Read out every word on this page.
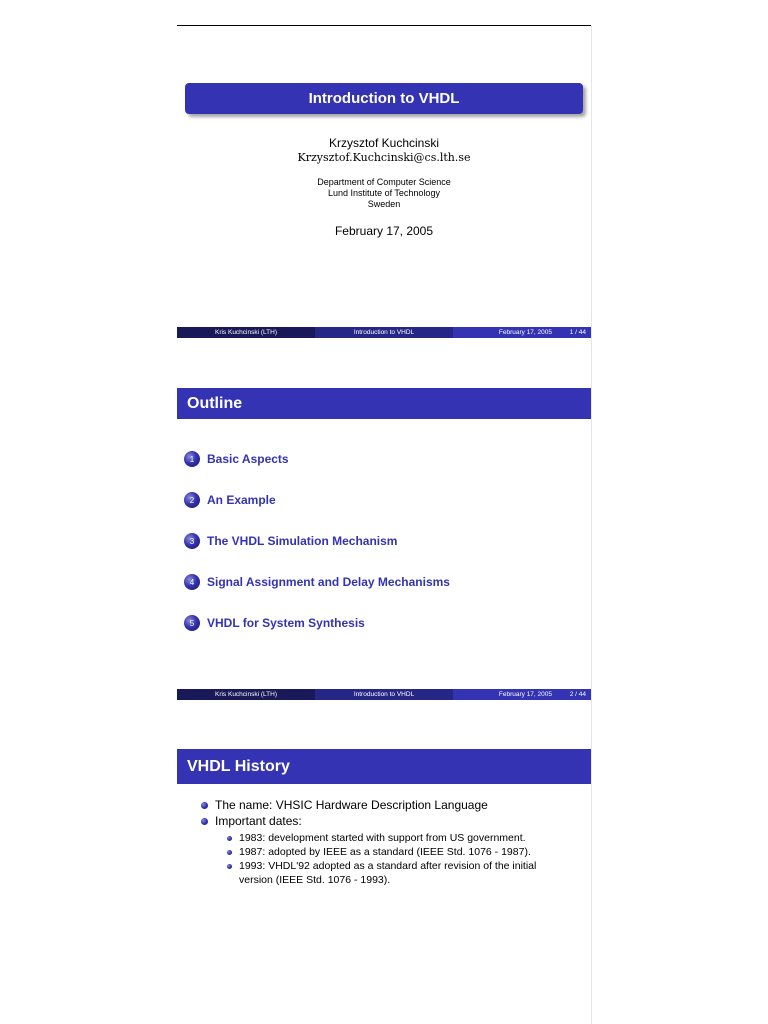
Introduction to VHDL
Krzysztof Kuchcinski
Krzysztof.Kuchcinski@cs.lth.se
Department of Computer Science
Lund Institute of Technology
Sweden
February 17, 2005
Kris Kuchcinski (LTH)	Introduction to VHDL	February 17, 2005	1 / 44
Outline
1	Basic Aspects
2	An Example
3	The VHDL Simulation Mechanism
4	Signal Assignment and Delay Mechanisms
5	VHDL for System Synthesis
Kris Kuchcinski (LTH)	Introduction to VHDL	February 17, 2005	2 / 44
VHDL History
The name: VHSIC Hardware Description Language
Important dates:
1983: development started with support from US government.
1987: adopted by IEEE as a standard (IEEE Std. 1076 - 1987).
1993: VHDL'92 adopted as a standard after revision of the initial version (IEEE Std. 1076 - 1993).
